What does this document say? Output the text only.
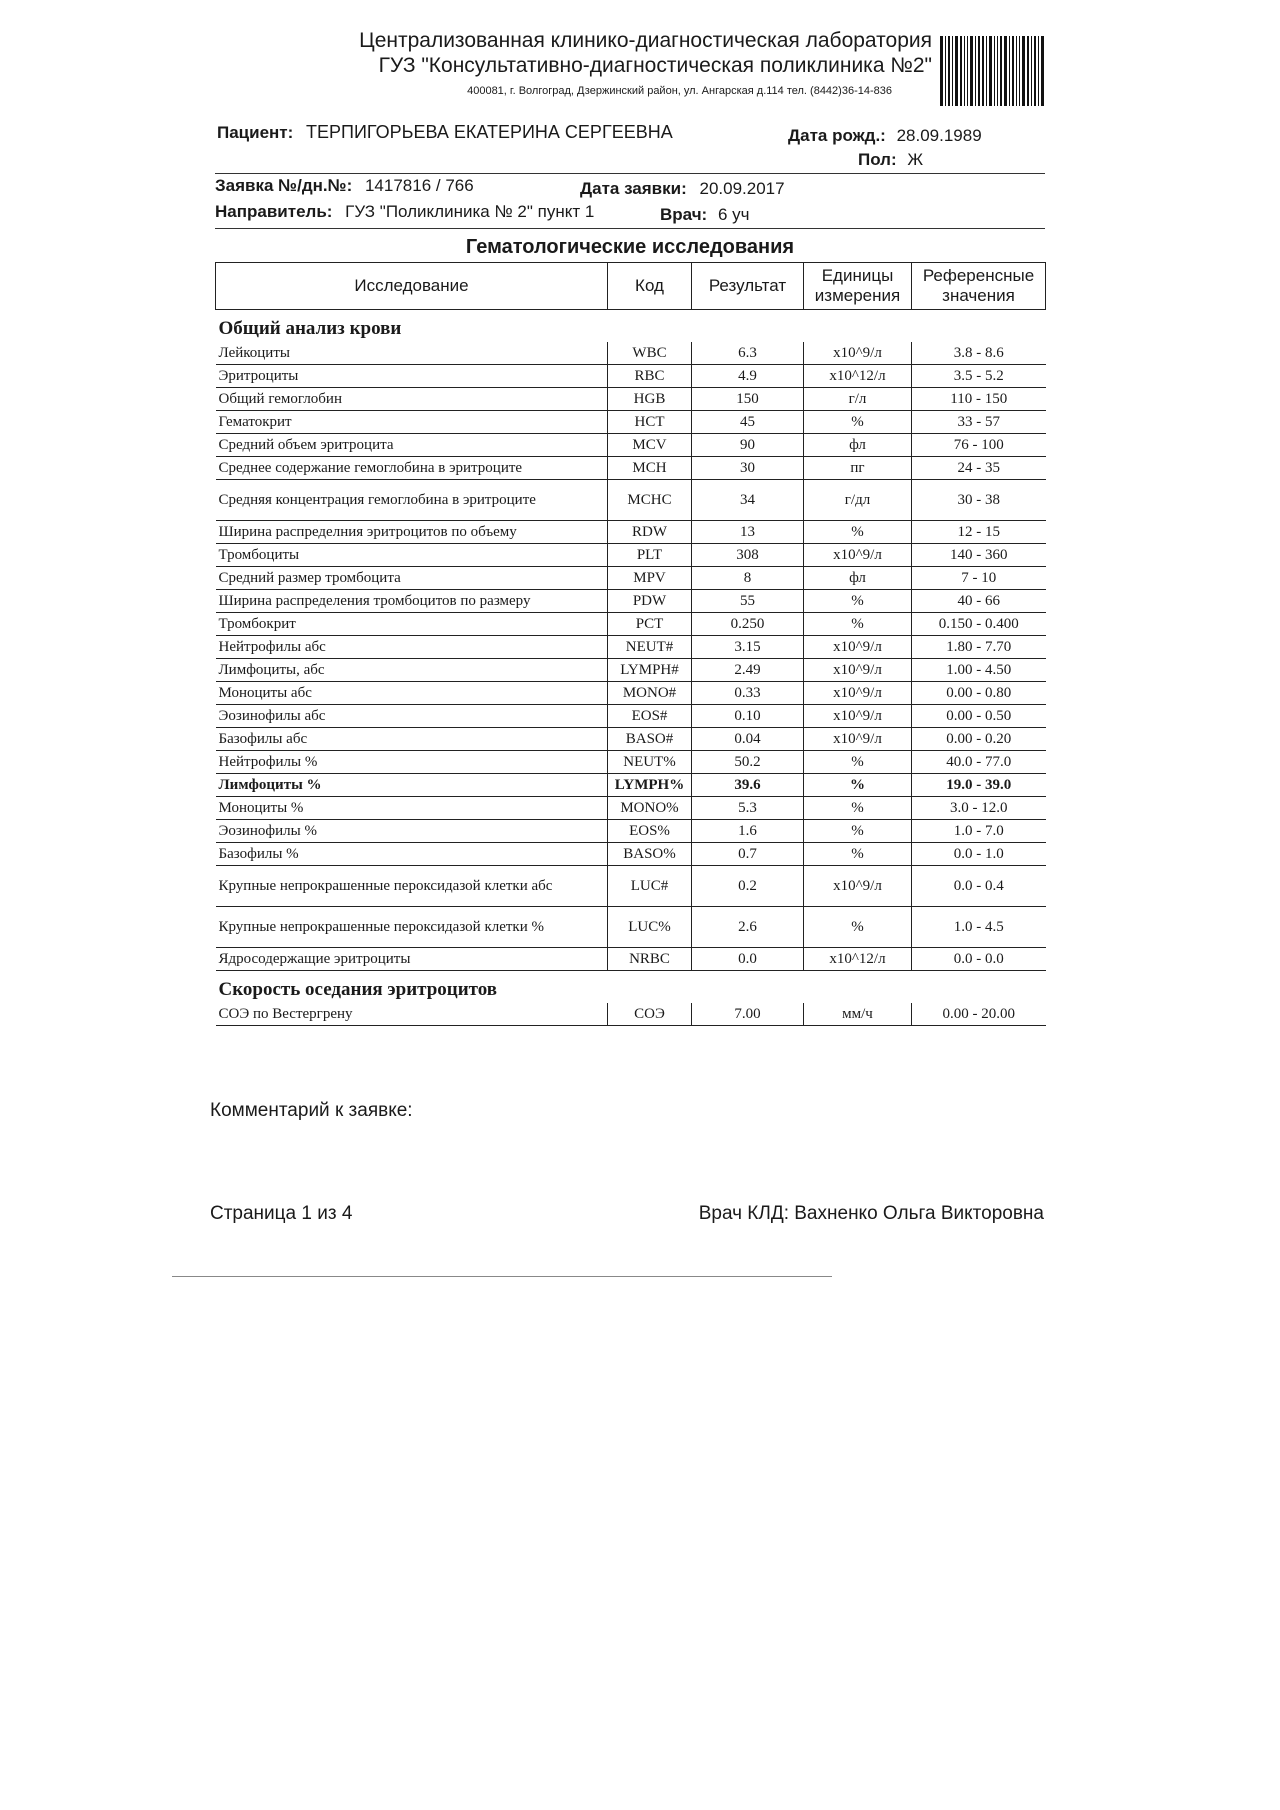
Централизованная клинико-диагностическая лаборатория
ГУЗ "Консультативно-диагностическая поликлиника №2"
400081, г. Волгоград, Дзержинский район, ул. Ангарская д.114 тел. (8442)36-14-836
Пациент: ТЕРПИГОРЬЕВА ЕКАТЕРИНА СЕРГЕЕВНА	Дата рожд.: 28.09.1989
Пол: Ж
Заявка №/дн.№: 1417816 / 766	Дата заявки: 20.09.2017
Направитель: ГУЗ "Поликлиника № 2" пункт 1	Врач: 6 уч
Гематологические исследования
Исследование	Код	Результат	Единицы измерения	Референсные значения
Общий анализ крови				
Лейкоциты	WBC	6.3	x10^9/л	3.8 - 8.6
Эритроциты	RBC	4.9	x10^12/л	3.5 - 5.2
Общий гемоглобин	HGB	150	г/л	110 - 150
Гематокрит	HCT	45	%	33 - 57
Средний объем эритроцита	MCV	90	фл	76 - 100
Среднее содержание гемоглобина в эритроците	MCH	30	пг	24 - 35
Средняя концентрация гемоглобина в эритроците	MCHC	34	г/дл	30 - 38
Ширина распределния эритроцитов по объему	RDW	13	%	12 - 15
Тромбоциты	PLT	308	x10^9/л	140 - 360
Средний размер тромбоцита	MPV	8	фл	7 - 10
Ширина распределения тромбоцитов по размеру	PDW	55	%	40 - 66
Тромбокрит	PCT	0.250	%	0.150 - 0.400
Нейтрофилы абс	NEUT#	3.15	x10^9/л	1.80 - 7.70
Лимфоциты, абс	LYMPH#	2.49	x10^9/л	1.00 - 4.50
Моноциты абс	MONO#	0.33	x10^9/л	0.00 - 0.80
Эозинофилы абс	EOS#	0.10	x10^9/л	0.00 - 0.50
Базофилы абс	BASO#	0.04	x10^9/л	0.00 - 0.20
Нейтрофилы %	NEUT%	50.2	%	40.0 - 77.0
Лимфоциты %	LYMPH%	39.6	%	19.0 - 39.0
Моноциты %	MONO%	5.3	%	3.0 - 12.0
Эозинофилы %	EOS%	1.6	%	1.0 - 7.0
Базофилы %	BASO%	0.7	%	0.0 - 1.0
Крупные непрокрашенные пероксидазой клетки абс	LUC#	0.2	x10^9/л	0.0 - 0.4
Крупные непрокрашенные пероксидазой клетки %	LUC%	2.6	%	1.0 - 4.5
Ядросодержащие эритроциты	NRBC	0.0	x10^12/л	0.0 - 0.0
Скорость оседания эритроцитов				
СОЭ по Вестергрену	СОЭ	7.00	мм/ч	0.00 - 20.00
Комментарий к заявке:
Страница 1 из 4	Врач КЛД: Вахненко Ольга Викторовна
